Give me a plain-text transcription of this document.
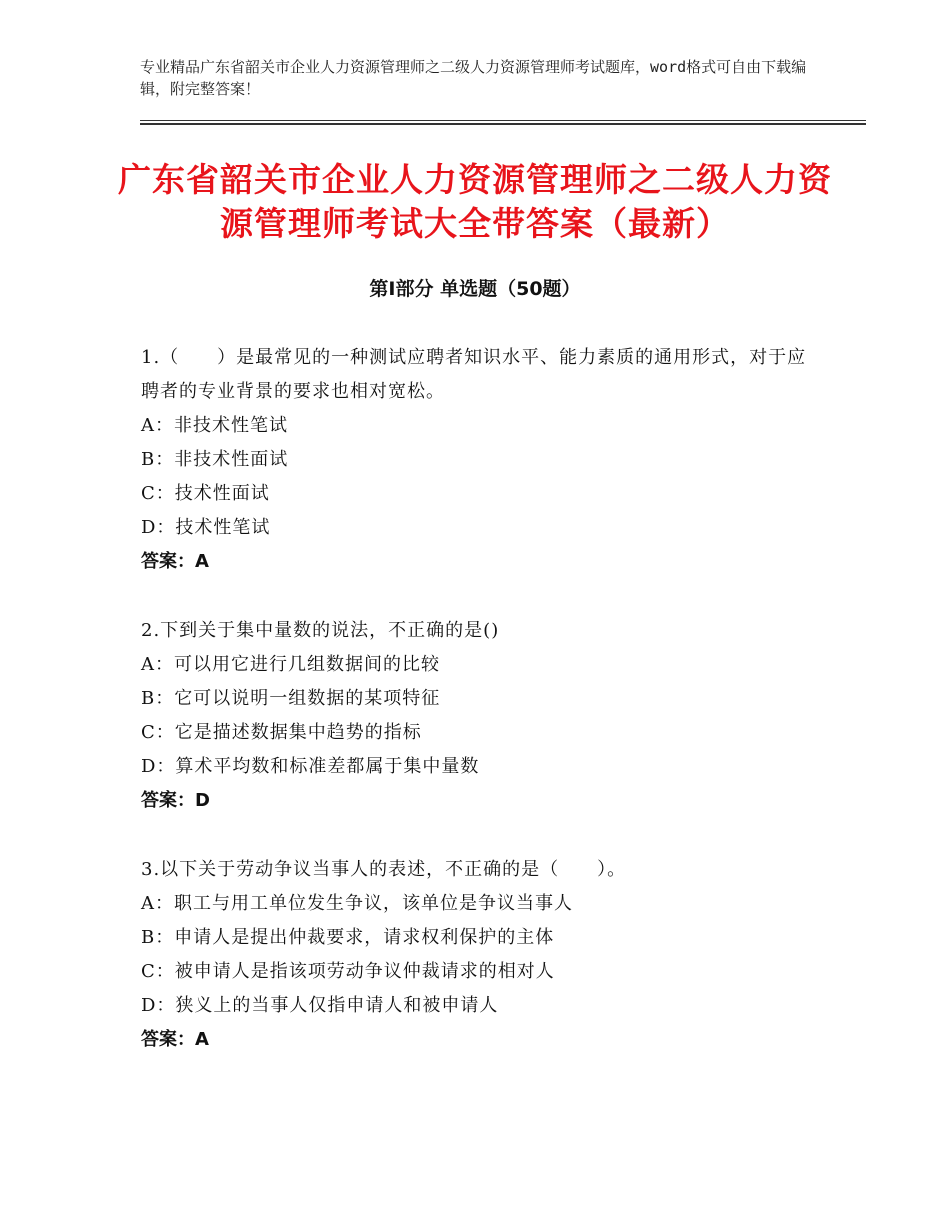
专业精品广东省韶关市企业人力资源管理师之二级人力资源管理师考试题库，word格式可自由下载编辑，附完整答案！
广东省韶关市企业人力资源管理师之二级人力资源管理师考试大全带答案（最新）
第Ⅰ部分 单选题（50题）

1.（　　）是最常见的一种测试应聘者知识水平、能力素质的通用形式，对于应聘者的专业背景的要求也相对宽松。

A：非技术性笔试

B：非技术性面试

C：技术性面试

D：技术性笔试

答案：A

2.下到关于集中量数的说法，不正确的是()

A：可以用它进行几组数据间的比较

B：它可以说明一组数据的某项特征

C：它是描述数据集中趋势的指标

D：算术平均数和标准差都属于集中量数

答案：D

3.以下关于劳动争议当事人的表述，不正确的是（　　）。

A：职工与用工单位发生争议，该单位是争议当事人

B：申请人是提出仲裁要求，请求权利保护的主体

C：被申请人是指该项劳动争议仲裁请求的相对人

D：狭义上的当事人仅指申请人和被申请人

答案：A
